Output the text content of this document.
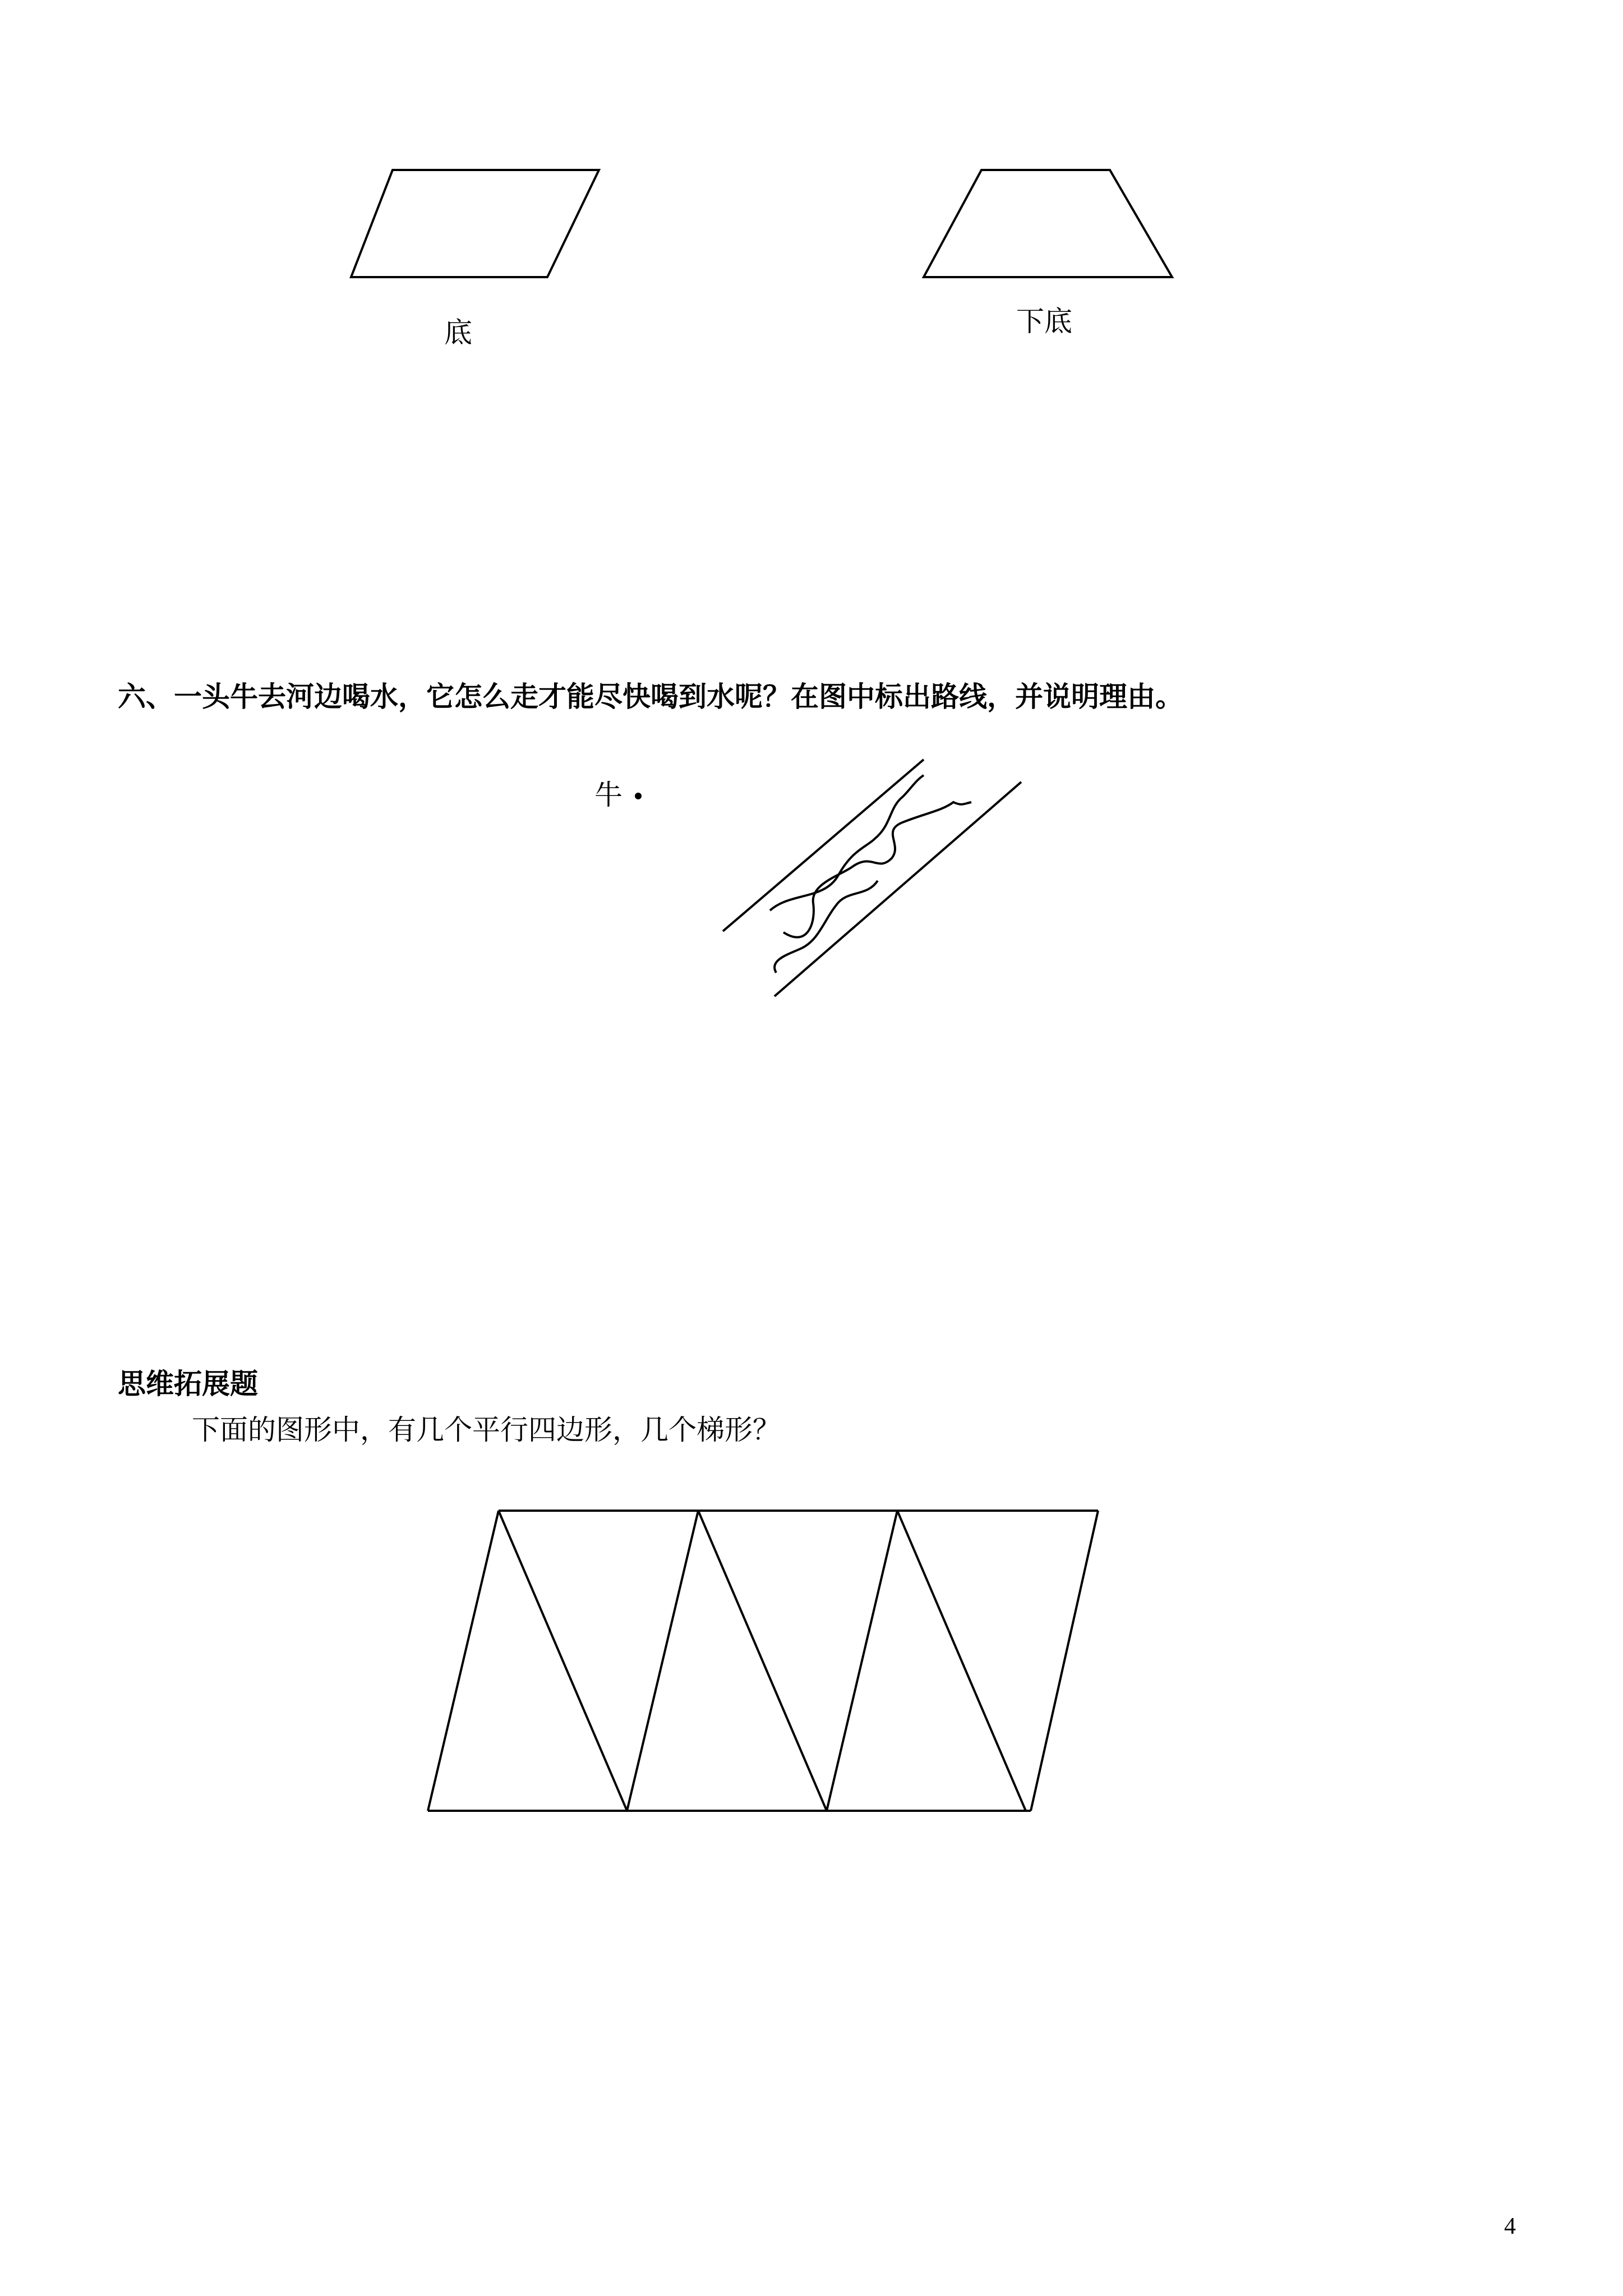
底	下底
六、一头牛去河边喝水，它怎么走才能尽快喝到水呢？在图中标出路线，并说明理由。
牛
思维拓展题
下面的图形中，有几个平行四边形，几个梯形？
4
